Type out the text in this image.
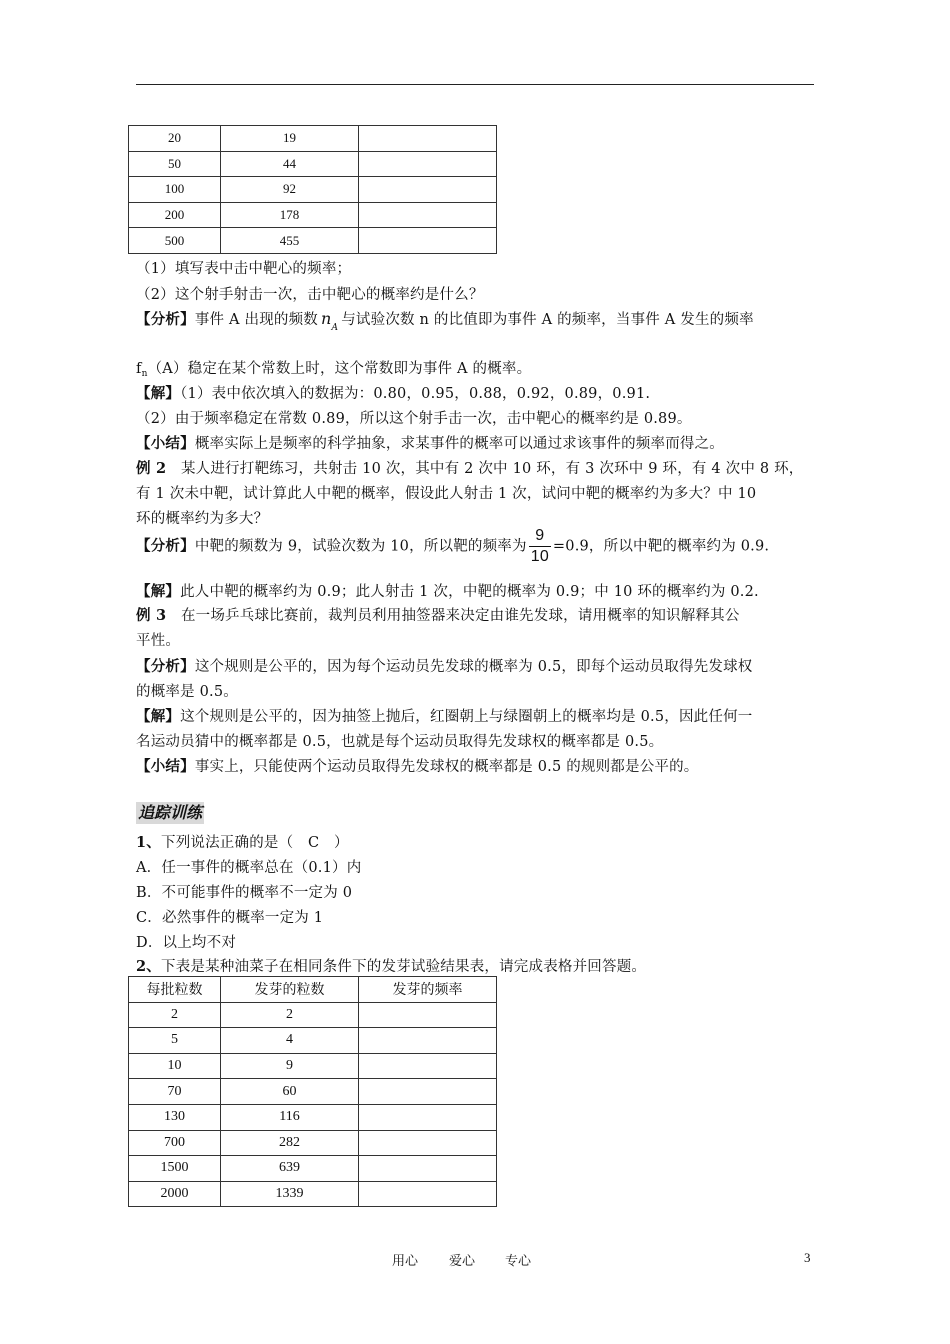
20	19	
50	44	
100	92	
200	178	
500	455	
（1）填写表中击中靶心的频率；
（2）这个射手射击一次，击中靶心的概率约是什么？
【分析】事件 A 出现的频数 $n_A$ 与试验次数 n 的比值即为事件 A 的频率，当事件 A 发生的频率
$f_n(A)$稳定在某个常数上时，这个常数即为事件 A 的概率。
【解】（1）表中依次填入的数据为：0.80，0.95，0.88，0.92，0.89，0.91.
（2）由于频率稳定在常数 0.89，所以这个射手击一次，击中靶心的概率约是 0.89。
【小结】概率实际上是频率的科学抽象，求某事件的概率可以通过求该事件的频率而得之。
例 2　某人进行打靶练习，共射击 10 次，其中有 2 次中 10 环，有 3 次环中 9 环，有 4 次中 8 环，
有 1 次未中靶，试计算此人中靶的概率，假设此人射击 1 次，试问中靶的概率约为多大？中 10
环的概率约为多大？
【分析】中靶的频数为 9，试验次数为 10，所以靶的频率为 $\frac{9}{10} =0.9$，所以中靶的概率约为 0.9.
【解】此人中靶的概率约为 0.9；此人射击 1 次，中靶的概率为 0.9；中 10 环的概率约为 0.2.
例 3　在一场乒乓球比赛前，裁判员利用抽签器来决定由谁先发球，请用概率的知识解释其公
平性。
【分析】这个规则是公平的，因为每个运动员先发球的概率为 0.5，即每个运动员取得先发球权
的概率是 0.5。
【解】这个规则是公平的，因为抽签上抛后，红圈朝上与绿圈朝上的概率均是 0.5，因此任何一
名运动员猜中的概率都是 0.5，也就是每个运动员取得先发球权的概率都是 0.5。
【小结】事实上，只能使两个运动员取得先发球权的概率都是 0.5 的规则都是公平的。
追踪训练
1、下列说法正确的是（　C　）
A．任一事件的概率总在（0.1）内
B．不可能事件的概率不一定为 0
C．必然事件的概率一定为 1
D．以上均不对
2、下表是某种油菜子在相同条件下的发芽试验结果表，请完成表格并回答题。
每批粒数	发芽的粒数	发芽的频率
2	2	
5	4	
10	9	
70	60	
130	116	
700	282	
1500	639	
2000	1339	
用心 爱心 专心	3
